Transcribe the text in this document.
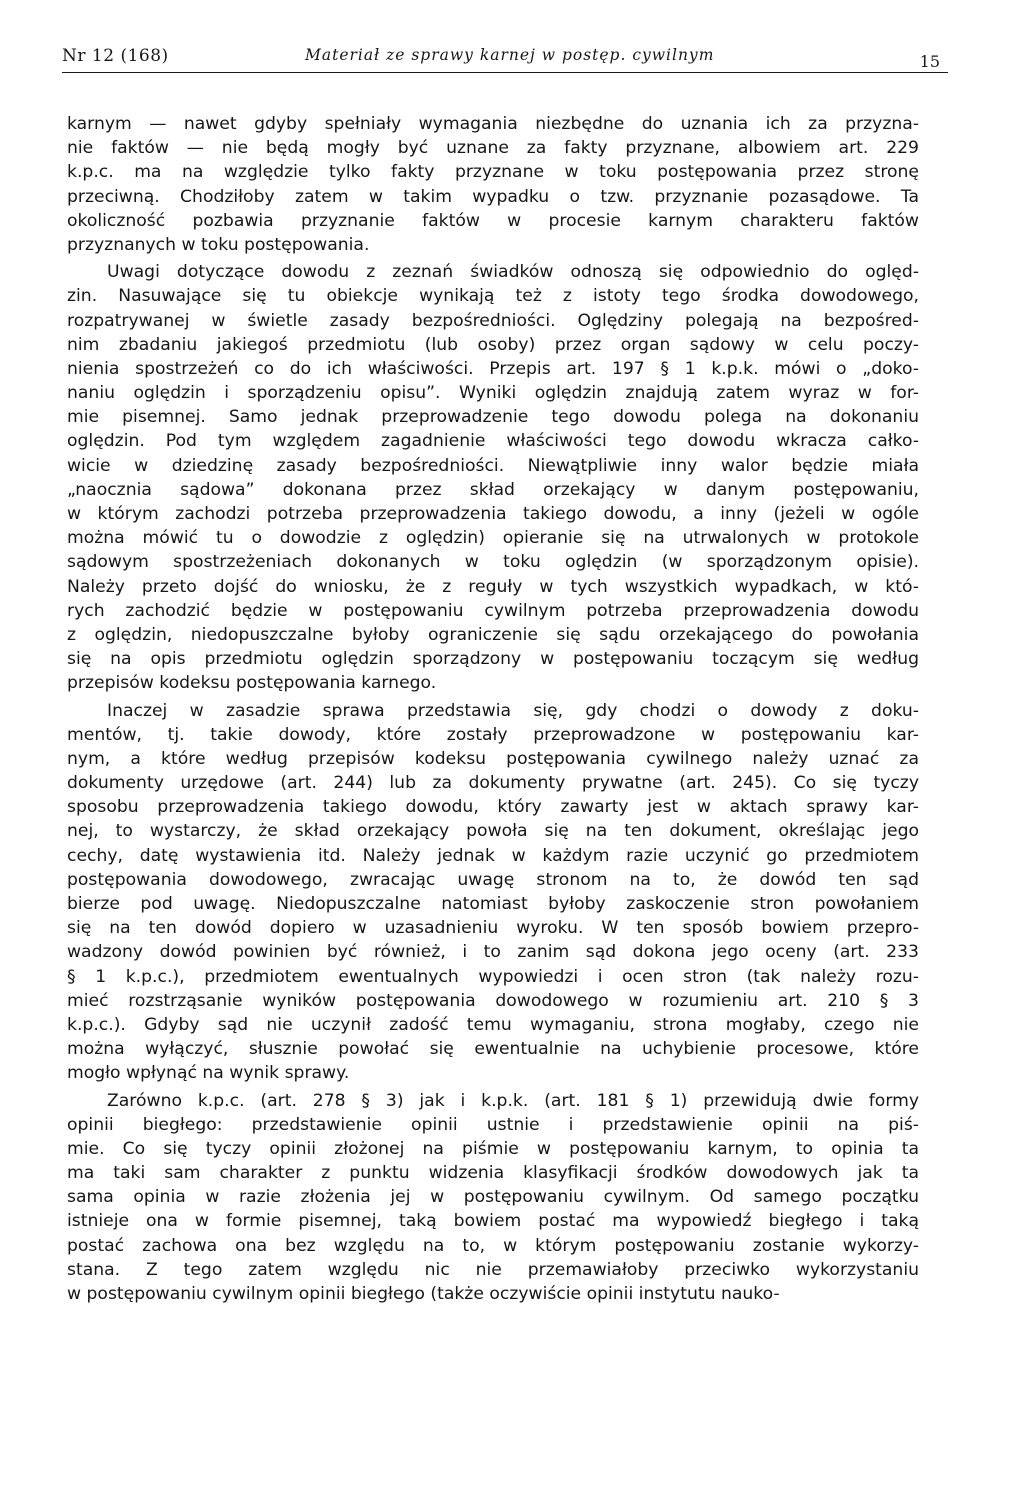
Nr 12 (168)	Materiał ze sprawy karnej w postęp. cywilnym	15
karnym — nawet gdyby spełniały wymagania niezbędne do uznania ich za przyzna-
nie faktów — nie będą mogły być uznane za fakty przyznane, albowiem art. 229
k.p.c. ma na względzie tylko fakty przyznane w toku postępowania przez stronę
przeciwną. Chodziłoby zatem w takim wypadku o tzw. przyznanie pozasądowe. Ta
okoliczność pozbawia przyznanie faktów w procesie karnym charakteru faktów
przyznanych w toku postępowania.
Uwagi dotyczące dowodu z zeznań świadków odnoszą się odpowiednio do oględ-
zin. Nasuwające się tu obiekcje wynikają też z istoty tego środka dowodowego,
rozpatrywanej w świetle zasady bezpośredniości. Oględziny polegają na bezpośred-
nim zbadaniu jakiegoś przedmiotu (lub osoby) przez organ sądowy w celu poczy-
nienia spostrzeżeń co do ich właściwości. Przepis art. 197 § 1 k.p.k. mówi o „doko-
naniu oględzin i sporządzeniu opisu”. Wyniki oględzin znajdują zatem wyraz w for-
mie pisemnej. Samo jednak przeprowadzenie tego dowodu polega na dokonaniu
oględzin. Pod tym względem zagadnienie właściwości tego dowodu wkracza całko-
wicie w dziedzinę zasady bezpośredniości. Niewątpliwie inny walor będzie miała
„naocznia sądowa” dokonana przez skład orzekający w danym postępowaniu,
w którym zachodzi potrzeba przeprowadzenia takiego dowodu, a inny (jeżeli w ogóle
można mówić tu o dowodzie z oględzin) opieranie się na utrwalonych w protokole
sądowym spostrzeżeniach dokonanych w toku oględzin (w sporządzonym opisie).
Należy przeto dojść do wniosku, że z reguły w tych wszystkich wypadkach, w któ-
rych zachodzić będzie w postępowaniu cywilnym potrzeba przeprowadzenia dowodu
z oględzin, niedopuszczalne byłoby ograniczenie się sądu orzekającego do powołania
się na opis przedmiotu oględzin sporządzony w postępowaniu toczącym się według
przepisów kodeksu postępowania karnego.
Inaczej w zasadzie sprawa przedstawia się, gdy chodzi o dowody z doku-
mentów, tj. takie dowody, które zostały przeprowadzone w postępowaniu kar-
nym, a które według przepisów kodeksu postępowania cywilnego należy uznać za
dokumenty urzędowe (art. 244) lub za dokumenty prywatne (art. 245). Co się tyczy
sposobu przeprowadzenia takiego dowodu, który zawarty jest w aktach sprawy kar-
nej, to wystarczy, że skład orzekający powoła się na ten dokument, określając jego
cechy, datę wystawienia itd. Należy jednak w każdym razie uczynić go przedmiotem
postępowania dowodowego, zwracając uwagę stronom na to, że dowód ten sąd
bierze pod uwagę. Niedopuszczalne natomiast byłoby zaskoczenie stron powołaniem
się na ten dowód dopiero w uzasadnieniu wyroku. W ten sposób bowiem przepro-
wadzony dowód powinien być również, i to zanim sąd dokona jego oceny (art. 233
§ 1 k.p.c.), przedmiotem ewentualnych wypowiedzi i ocen stron (tak należy rozu-
mieć rozstrząsanie wyników postępowania dowodowego w rozumieniu art. 210 § 3
k.p.c.). Gdyby sąd nie uczynił zadość temu wymaganiu, strona mogłaby, czego nie
można wyłączyć, słusznie powołać się ewentualnie na uchybienie procesowe, które
mogło wpłynąć na wynik sprawy.
Zarówno k.p.c. (art. 278 § 3) jak i k.p.k. (art. 181 § 1) przewidują dwie formy
opinii biegłego: przedstawienie opinii ustnie i przedstawienie opinii na piś-
mie. Co się tyczy opinii złożonej na piśmie w postępowaniu karnym, to opinia ta
ma taki sam charakter z punktu widzenia klasyfikacji środków dowodowych jak ta
sama opinia w razie złożenia jej w postępowaniu cywilnym. Od samego początku
istnieje ona w formie pisemnej, taką bowiem postać ma wypowiedź biegłego i taką
postać zachowa ona bez względu na to, w którym postępowaniu zostanie wykorzy-
stana. Z tego zatem względu nic nie przemawiałoby przeciwko wykorzystaniu
w postępowaniu cywilnym opinii biegłego (także oczywiście opinii instytutu nauko-
